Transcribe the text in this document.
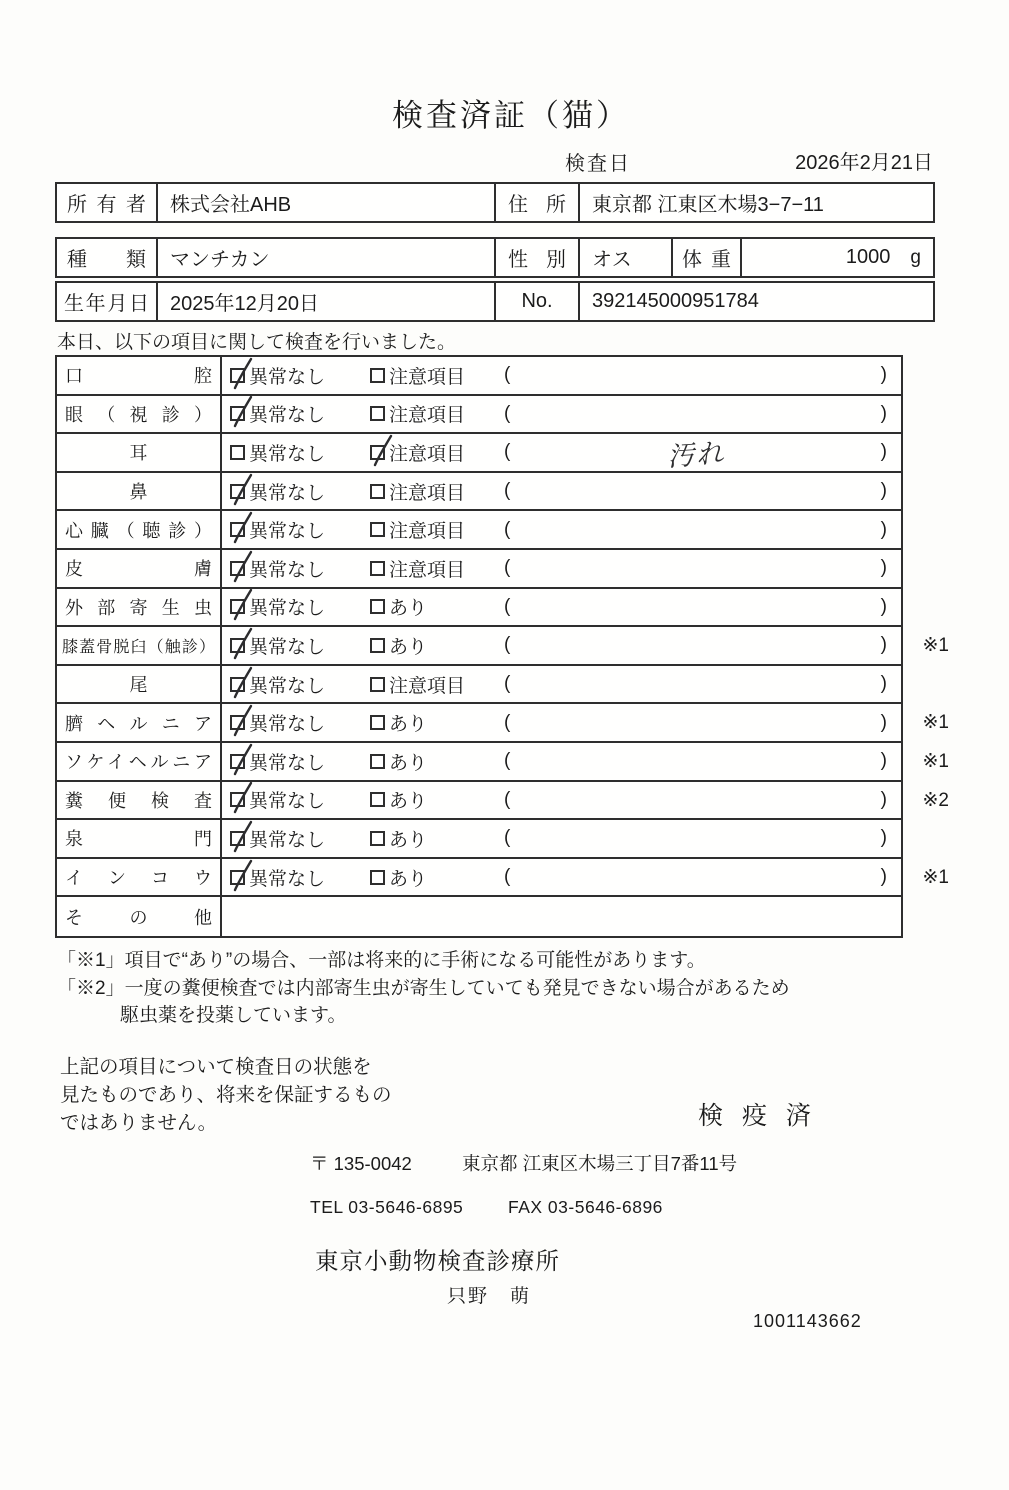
検査済証（猫）
検査日	2026年2月21日
所有者	株式会社AHB	住所	東京都 江東区木場3−7−11
種類	マンチカン	性別	オス	体重	1000 g
生年月日	2025年12月20日	No.	392145000951784
本日、以下の項目に関して検査を行いました。
口腔 異常なし	注意項目 (	)
眼（視診） 異常なし	注意項目 (	)
耳	異常なし	注意項目 (	汚れ	)
鼻	異常なし	注意項目 (	)
心臓（聴診） 異常なし	注意項目 (	)
皮膚 異常なし	注意項目 (	)
外部寄生虫 異常なし	あり	(	)
膝蓋骨脱臼（触診） 異常なし	あり	(	) ※1
尾	異常なし	注意項目 (	)
臍ヘルニア 異常なし	あり	(	) ※1
ソケイヘルニア 異常なし	あり	(	) ※1
糞便検査 異常なし	あり	(	) ※2
泉門 異常なし	あり	(	)
インコウ 異常なし	あり	(	) ※1
その他
「※1」項目で“あり”の場合、一部は将来的に手術になる可能性があります。
「※2」一度の糞便検査では内部寄生虫が寄生していても発見できない場合があるため
駆虫薬を投薬しています。
上記の項目について検査日の状態を
見たものであり、将来を保証するもの
ではありません。	検 疫 済
〒 135-0042	東京都 江東区木場三丁目7番11号
TEL 03-5646-6895	FAX 03-5646-6896
東京小動物検査診療所
只野　萌
1001143662
